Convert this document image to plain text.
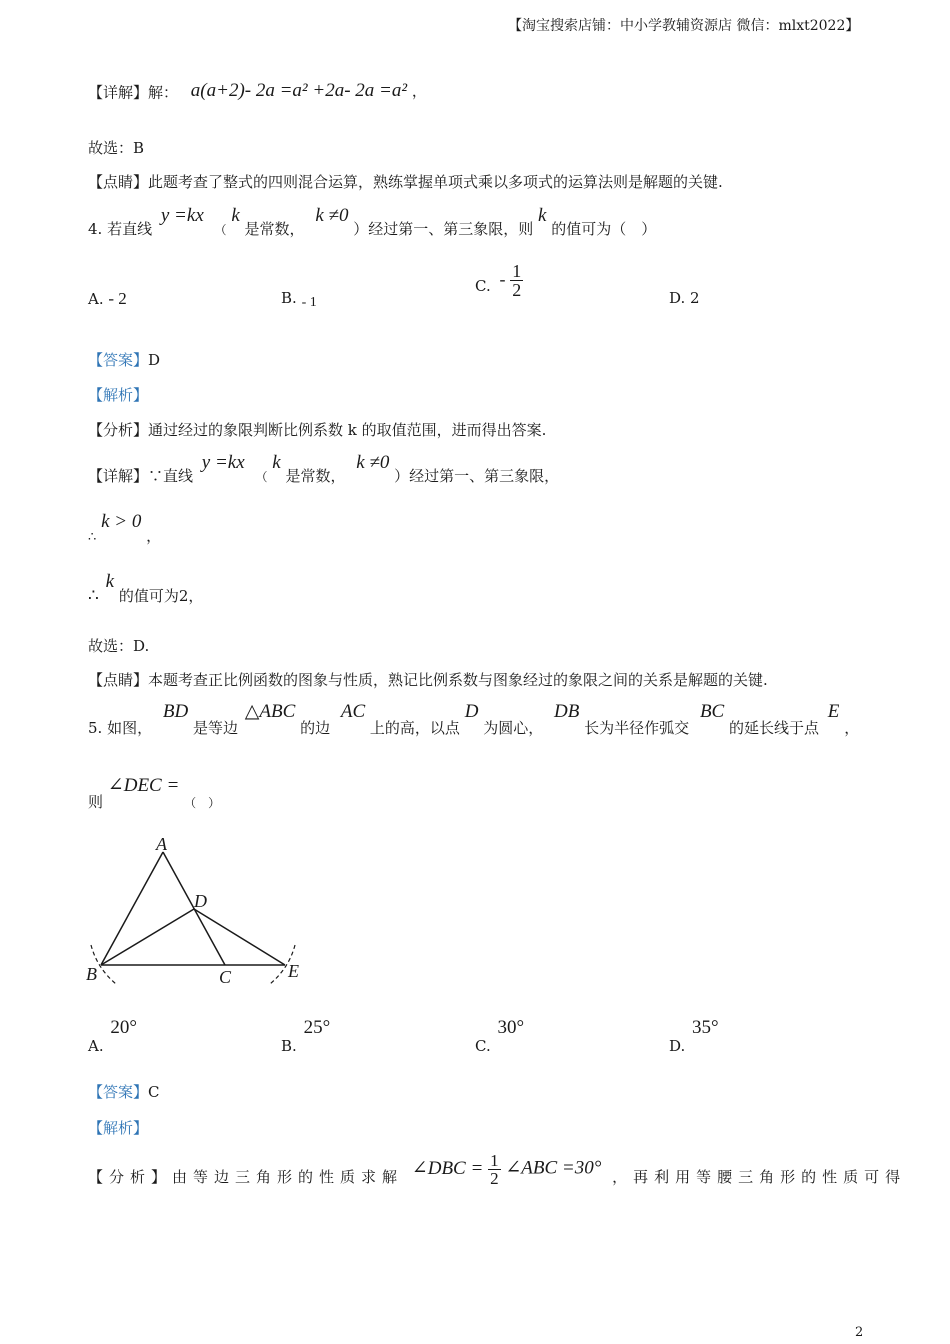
【淘宝搜索店铺：中小学教辅资源店 微信：mlxt2022】
【详解】解： a(a+2)- 2a =a² +2a- 2a =a² ，
故选：B
【点睛】此题考查了整式的四则混合运算，熟练掌握单项式乘以多项式的运算法则是解题的关键.
4. 若直线 y =kx $_($ k 是常数， k ≠0 ）经过第一、第三象限，则 k 的值可为（　）
A. - 2	B. - 1
C. - $\frac{1}{2}$	D. 2
【答案】D
【解析】
【分析】通过经过的象限判断比例系数 k 的取值范围，进而得出答案.
【详解】∵直线 y =kx $_($ k 是常数， k ≠0 ）经过第一、第三象限，
∴ k > 0 ，
∴ k 的值可为2，
故选：D.
【点睛】本题考查正比例函数的图象与性质，熟记比例系数与图象经过的象限之间的关系是解题的关键.
5. 如图， BD 是等边 △ABC 的边 AC 上的高，以点 D 为圆心， DB 长为半径作弧交 BC 的延长线于点 E ，
则 ∠DEC = $_{( )}$
A
B	C
D
E
A. 20°
B. 25°
C. 30°
D. 35°
【答案】C
【解析】
【分析】由等边三角形的性质求解 ∠DBC = $\frac{1}{2}$ ∠ABC =30° ，再利用等腰三角形的性质可得
2
